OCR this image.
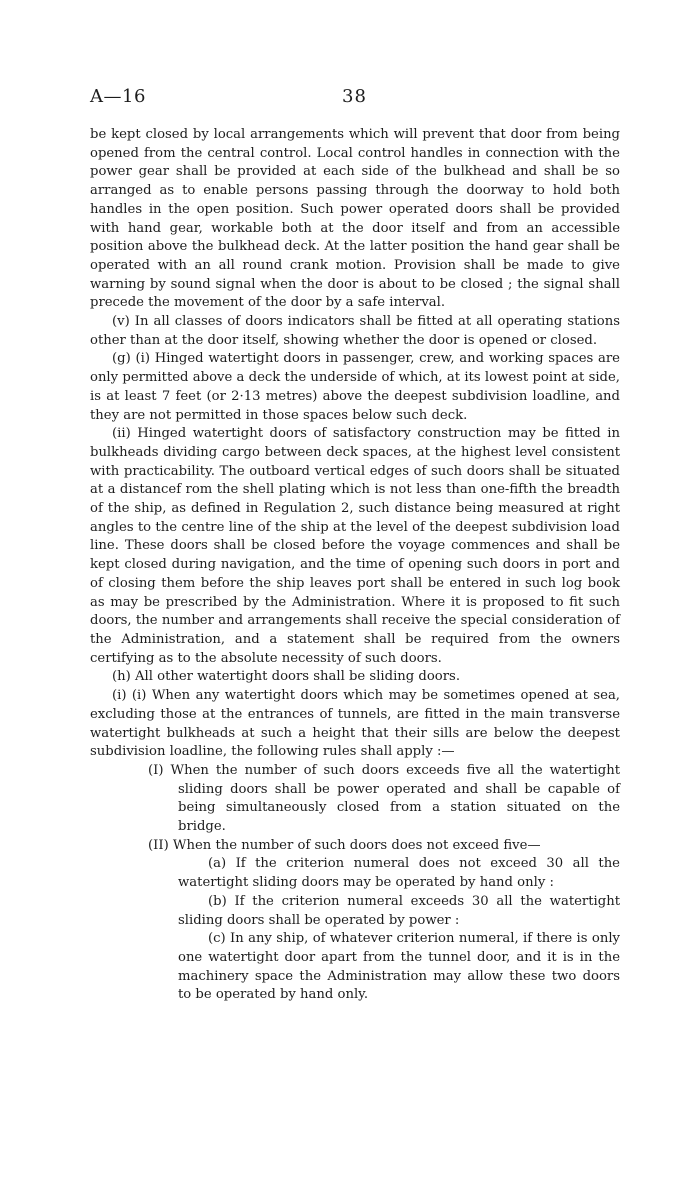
A—16	38

be kept closed by local arrangements which will prevent that door from being opened from the central control. Local control handles in connection with the power gear shall be provided at each side of the bulkhead and shall be so arranged as to enable persons passing through the doorway to hold both handles in the open position. Such power operated doors shall be provided with hand gear, workable both at the door itself and from an accessible position above the bulkhead deck. At the latter position the hand gear shall be operated with an all round crank motion. Provision shall be made to give warning by sound signal when the door is about to be closed ; the signal shall precede the movement of the door by a safe interval.

(v) In all classes of doors indicators shall be fitted at all operating stations other than at the door itself, showing whether the door is opened or closed.

(g) (i) Hinged watertight doors in passenger, crew, and working spaces are only permitted above a deck the underside of which, at its lowest point at side, is at least 7 feet (or 2·13 metres) above the deepest subdivision loadline, and they are not permitted in those spaces below such deck.

(ii) Hinged watertight doors of satisfactory construction may be fitted in bulkheads dividing cargo between deck spaces, at the highest level consistent with practicability. The outboard vertical edges of such doors shall be situated at a distancef rom the shell plating which is not less than one-fifth the breadth of the ship, as defined in Regulation 2, such distance being measured at right angles to the centre line of the ship at the level of the deepest subdivision load line. These doors shall be closed before the voyage commences and shall be kept closed during navigation, and the time of opening such doors in port and of closing them before the ship leaves port shall be entered in such log book as may be prescribed by the Administration. Where it is proposed to fit such doors, the number and arrangements shall receive the special consideration of the Administration, and a statement shall be required from the owners certifying as to the absolute necessity of such doors.

(h) All other watertight doors shall be sliding doors.

(i) (i) When any watertight doors which may be sometimes opened at sea, excluding those at the entrances of tunnels, are fitted in the main transverse watertight bulkheads at such a height that their sills are below the deepest subdivision loadline, the following rules shall apply :—

(I) When the number of such doors exceeds five all the watertight sliding doors shall be power operated and shall be capable of being simultaneously closed from a station situated on the bridge.

(II) When the number of such doors does not exceed five—

(a) If the criterion numeral does not exceed 30 all the watertight sliding doors may be operated by hand only :

(b) If the criterion numeral exceeds 30 all the watertight sliding doors shall be operated by power :

(c) In any ship, of whatever criterion numeral, if there is only one watertight door apart from the tunnel door, and it is in the machinery space the Administration may allow these two doors to be operated by hand only.
